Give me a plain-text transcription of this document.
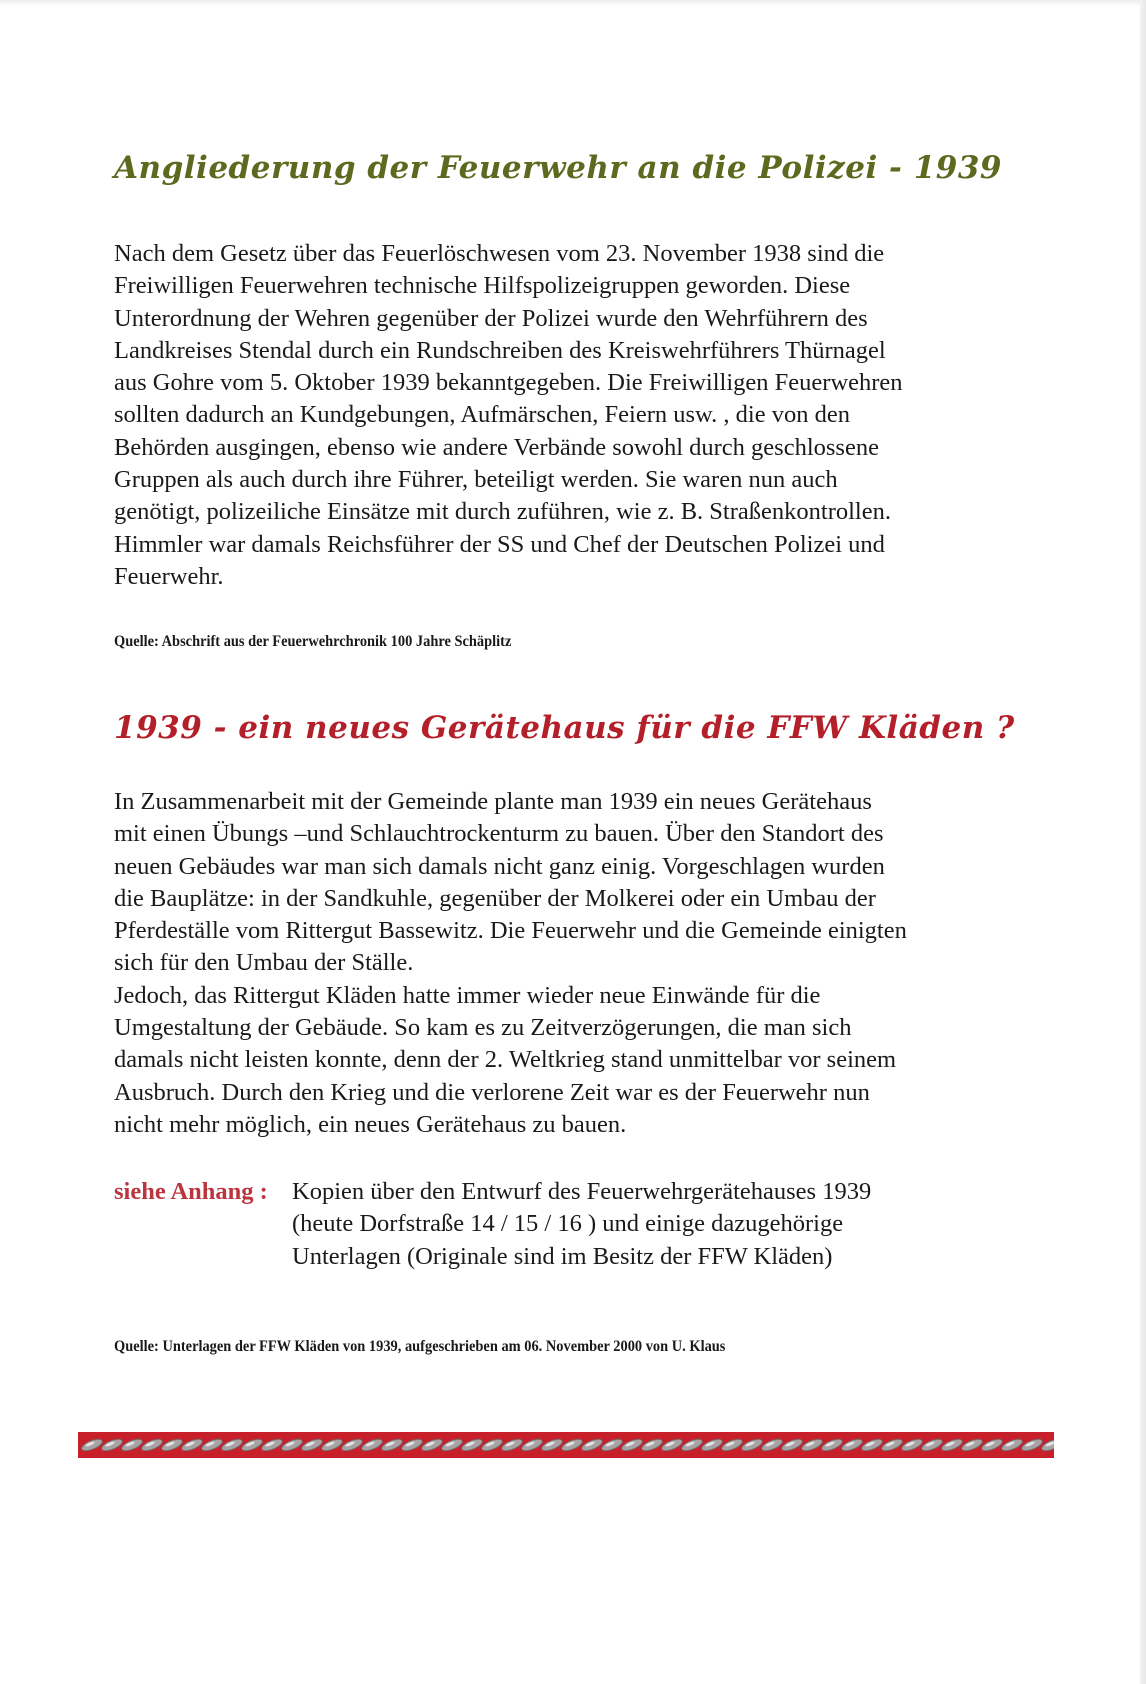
Angliederung der Feuerwehr an die Polizei - 1939

Nach dem Gesetz über das Feuerlöschwesen vom 23. November 1938 sind die

Freiwilligen Feuerwehren technische Hilfspolizeigruppen geworden. Diese

Unterordnung der Wehren gegenüber der Polizei wurde den Wehrführern des

Landkreises Stendal durch ein Rundschreiben des Kreiswehrführers Thürnagel

aus Gohre vom 5. Oktober 1939 bekanntgegeben. Die Freiwilligen Feuerwehren

sollten dadurch an Kundgebungen, Aufmärschen, Feiern usw. , die von den

Behörden ausgingen, ebenso wie andere Verbände sowohl durch geschlossene

Gruppen als auch durch ihre Führer, beteiligt werden. Sie waren nun auch

genötigt, polizeiliche Einsätze mit durch zuführen, wie z. B. Straßenkontrollen.

Himmler war damals Reichsführer der SS und Chef der Deutschen Polizei und

Feuerwehr.

Quelle: Abschrift aus der Feuerwehrchronik 100 Jahre Schäplitz
1939 - ein neues Gerätehaus für die FFW Kläden ?

In Zusammenarbeit mit der Gemeinde plante man 1939 ein neues Gerätehaus

mit einen Übungs –und Schlauchtrockenturm zu bauen. Über den Standort des

neuen Gebäudes war man sich damals nicht ganz einig. Vorgeschlagen wurden

die Bauplätze: in der Sandkuhle, gegenüber der Molkerei oder ein Umbau der

Pferdeställe vom Rittergut Bassewitz. Die Feuerwehr und die Gemeinde einigten

sich für den Umbau der Ställe.

Jedoch, das Rittergut Kläden hatte immer wieder neue Einwände für die

Umgestaltung der Gebäude. So kam es zu Zeitverzögerungen, die man sich

damals nicht leisten konnte, denn der 2. Weltkrieg stand unmittelbar vor seinem

Ausbruch. Durch den Krieg und die verlorene Zeit war es der Feuerwehr nun

nicht mehr möglich, ein neues Gerätehaus zu bauen.

siehe Anhang : Kopien über den Entwurf des Feuerwehrgerätehauses 1939
(heute Dorfstraße 14 / 15 / 16 ) und einige dazugehörige
Unterlagen (Originale sind im Besitz der FFW Kläden)
Quelle: Unterlagen der FFW Kläden von 1939, aufgeschrieben am 06. November 2000 von U. Klaus
